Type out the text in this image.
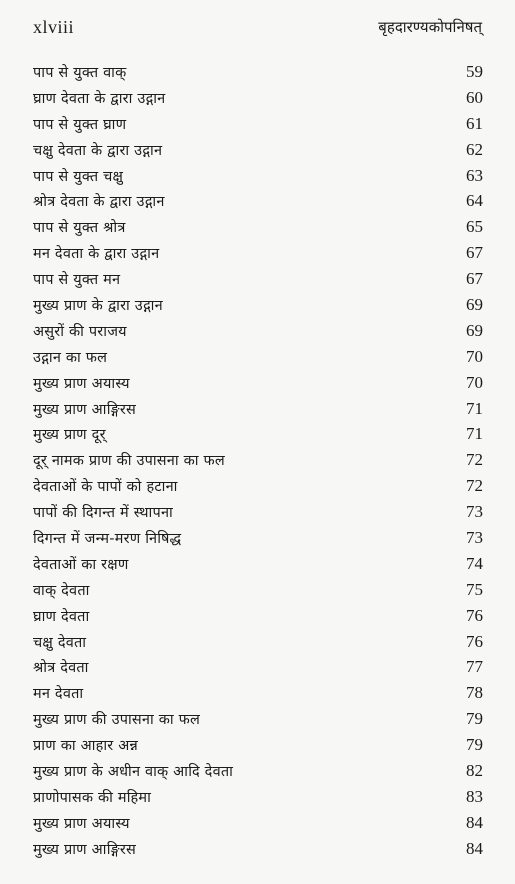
xlviii	बृहदारण्यकोपनिषत्
पाप से युक्त वाक्	59
घ्राण देवता के द्वारा उद्गान	60
पाप से युक्त घ्राण	61
चक्षु देवता के द्वारा उद्गान	62
पाप से युक्त चक्षु	63
श्रोत्र देवता के द्वारा उद्गान	64
पाप से युक्त श्रोत्र	65
मन देवता के द्वारा उद्गान	67
पाप से युक्त मन	67
मुख्य प्राण के द्वारा उद्गान	69
असुरों की पराजय	69
उद्गान का फल	70
मुख्य प्राण अयास्य	70
मुख्य प्राण आङ्गिरस	71
मुख्य प्राण दूर्	71
दूर् नामक प्राण की उपासना का फल	72
देवताओं के पापों को हटाना	72
पापों की दिगन्त में स्थापना	73
दिगन्त में जन्म-मरण निषिद्ध	73
देवताओं का रक्षण	74
वाक् देवता	75
घ्राण देवता	76
चक्षु देवता	76
श्रोत्र देवता	77
मन देवता	78
मुख्य प्राण की उपासना का फल	79
प्राण का आहार अन्न	79
मुख्य प्राण के अधीन वाक् आदि देवता	82
प्राणोपासक की महिमा	83
मुख्य प्राण अयास्य	84
मुख्य प्राण आङ्गिरस	84
